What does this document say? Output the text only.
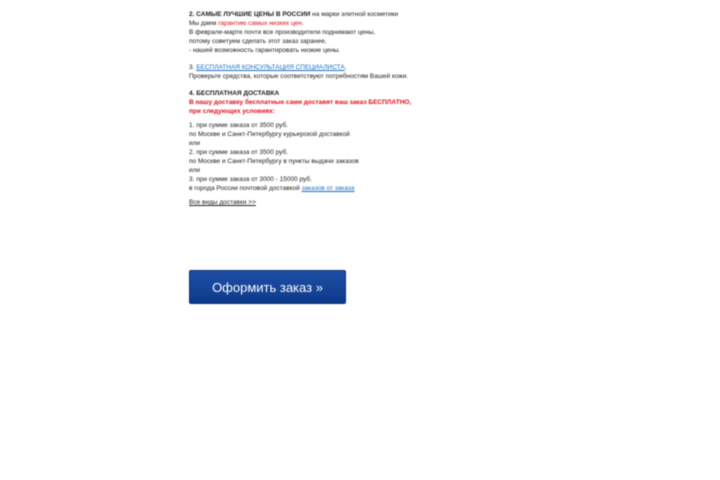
2. САМЫЕ ЛУЧШИЕ ЦЕНЫ В РОССИИ на марки элитной косметики
Мы даем гарантию самых низких цен.
В феврале-марте почти все производители поднимают цены,
потому советуем сделать этот заказ заранее,
- нашей возможность гарантировать низкие цены.
3. БЕСПЛАТНАЯ КОНСУЛЬТАЦИЯ СПЕЦИАЛИСТА.
Проверьте средства, которые соответствуют потребностям Вашей кожи.
4. БЕСПЛАТНАЯ ДОСТАВКА
В нашу доставку бесплатные сами доставят ваш заказ БЕСПЛАТНО,
при следующих условиях:
1. при сумме заказа от 3500 руб.
по Москве и Санкт-Петербургу курьерской доставкой
или
2. при сумме заказа от 3500 руб.
по Москве и Санкт-Петербургу в пункты выдачи заказов
или
3. при сумме заказа от 3000 - 15000 руб.
в города России почтовой доставкой заказов от заказа
Все виды доставки >>
Оформить заказ »
